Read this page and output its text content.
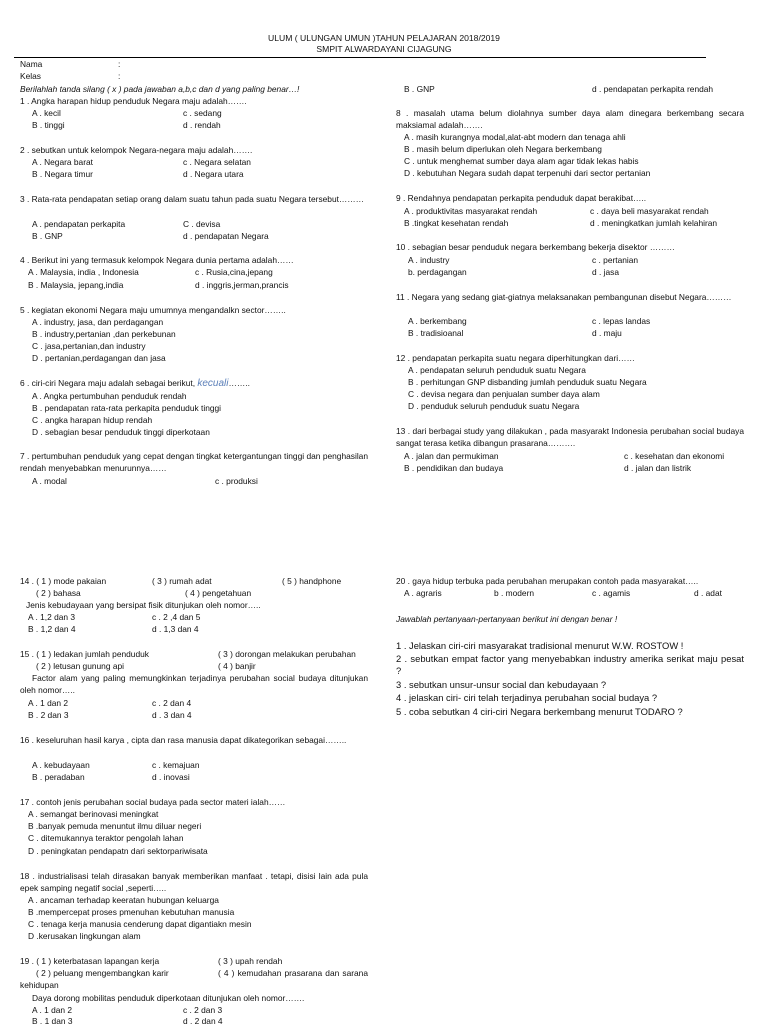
ULUM ( ULUNGAN UMUN )TAHUN PELAJARAN 2018/2019
SMPIT ALWARDAYANI CIJAGUNG
Nama	:
Kelas	:
Berilahlah tanda silang ( x ) pada jawaban a,b,c dan d yang paling benar…!
1 . Angka harapan hidup penduduk Negara maju adalah…….
A . kecil	c . sedang
B . tinggi	d . rendah
2 . sebutkan untuk kelompok Negara-negara maju adalah…….
A . Negara barat	c . Negara selatan
B . Negara timur	d . Negara utara
3 . Rata-rata pendapatan setiap orang dalam suatu tahun pada suatu Negara tersebut………
A . pendapatan perkapita	C . devisa
B . GNP	d . pendapatan Negara
4 . Berikut ini yang termasuk kelompok Negara dunia pertama adalah……
A . Malaysia, india , Indonesia	c . Rusia,cina,jepang
B . Malaysia, jepang,india	d . inggris,jerman,prancis
5 . kegiatan ekonomi Negara maju umumnya mengandalkn sector……..
A . industry, jasa, dan perdagangan
B . industry,pertanian ,dan perkebunan
C . jasa,pertanian,dan industry
D . pertanian,perdagangan dan jasa
6 . ciri-ciri Negara maju adalah sebagai berikut, kecuali……..
A . Angka pertumbuhan penduduk rendah
B . pendapatan rata-rata perkapita penduduk tinggi
C . angka harapan hidup rendah
D . sebagian besar penduduk tinggi diperkotaan
7 . pertumbuhan penduduk yang cepat dengan tingkat ketergantungan tinggi dan penghasilan rendah menyebabkan menurunnya……
A . modal	c . produksi
B . GNP	d . pendapatan perkapita rendah
8 . masalah utama belum diolahnya sumber daya alam dinegara berkembang secara maksiamal adalah…….
A . masih kurangnya modal,alat-abt modern dan tenaga ahli
B . masih belum diperlukan oleh Negara berkembang
C . untuk menghemat sumber daya alam agar tidak lekas habis
D . kebutuhan Negara sudah dapat terpenuhi dari sector pertanian
9 . Rendahnya pendapatan perkapita penduduk dapat berakibat…..
A . produktivitas masyarakat rendah	c . daya beli masyarakat rendah
B .tingkat kesehatan rendah	d . meningkatkan jumlah kelahiran
10 . sebagian besar penduduk negara berkembang bekerja disektor ………
A . industry	c . pertanian
b. perdagangan	d . jasa
11 . Negara yang sedang giat-giatnya melaksanakan pembangunan disebut Negara………
A . berkembang	c . lepas landas
B . tradisioanal	d . maju
12 . pendapatan perkapita suatu negara diperhitungkan dari……
A . pendapatan seluruh penduduk suatu Negara
B . perhitungan GNP disbanding jumlah penduduk suatu Negara
C . devisa negara dan penjualan sumber daya alam
D . penduduk seluruh penduduk suatu Negara
13 . dari berbagai study yang dilakukan , pada masyarakt Indonesia perubahan social budaya sangat terasa ketika dibangun prasarana……….
A . jalan dan permukiman	c . kesehatan dan ekonomi
B . pendidikan dan budaya	d . jalan dan listrik
14 . ( 1 ) mode pakaian	( 3 ) rumah adat	( 5 ) handphone
( 2 ) bahasa	( 4 ) pengetahuan
Jenis kebudayaan yang bersipat fisik ditunjukan oleh nomor…..
A . 1,2 dan 3	c . 2 ,4 dan 5
B . 1,2 dan 4	d . 1,3 dan 4
15 . ( 1 ) ledakan jumlah penduduk	( 3 ) dorongan melakukan perubahan
( 2 ) letusan gunung api	( 4 ) banjir
Factor alam yang paling memungkinkan terjadinya perubahan social budaya ditunjukan oleh nomor…..
A . 1 dan 2	c . 2 dan 4
B . 2 dan 3	d . 3 dan 4
16 . keseluruhan hasil karya , cipta dan rasa manusia dapat dikategorikan sebagai……..
A . kebudayaan	c . kemajuan
B . peradaban	d . inovasi
17 . contoh jenis perubahan social budaya pada sector materi ialah……
A . semangat berinovasi meningkat
B .banyak pemuda menuntut ilmu diluar negeri
C . ditemukannya teraktor pengolah lahan
D . peningkatan pendapatn dari sektorpariwisata
18 . industrialisasi telah dirasakan banyak memberikan manfaat . tetapi, disisi lain ada pula epek samping negatif social ,seperti…..
A . ancaman terhadap keeratan hubungan keluarga
B .mempercepat proses pmenuhan kebutuhan manusia
C . tenaga kerja manusia cenderung dapat digantiakn mesin
D .kerusakan lingkungan alam
19 . ( 1 ) keterbatasan lapangan kerja	( 3 ) upah rendah
( 2 ) peluang mengembangkan karir	( 4 ) kemudahan prasarana dan sarana kehidupan
Daya dorong mobilitas penduduk diperkotaan ditunjukan oleh nomor…….
A . 1 dan 2	c . 2 dan 3
B . 1 dan 3	d . 2 dan 4
20 . gaya hidup terbuka pada perubahan merupakan contoh pada masyarakat…..
A . agraris	b . modern	c . agamis	d . adat
Jawablah pertanyaan-pertanyaan berikut ini dengan benar !
1 . Jelaskan ciri-ciri masyarakat tradisional menurut W.W. ROSTOW !
2 . sebutkan empat factor yang menyebabkan industry amerika serikat maju pesat ?
3 . sebutkan unsur-unsur social dan kebudayaan ?
4 . jelaskan ciri- ciri telah terjadinya perubahan social budaya ?
5 . coba sebutkan 4 ciri-ciri Negara berkembang menurut TODARO ?
